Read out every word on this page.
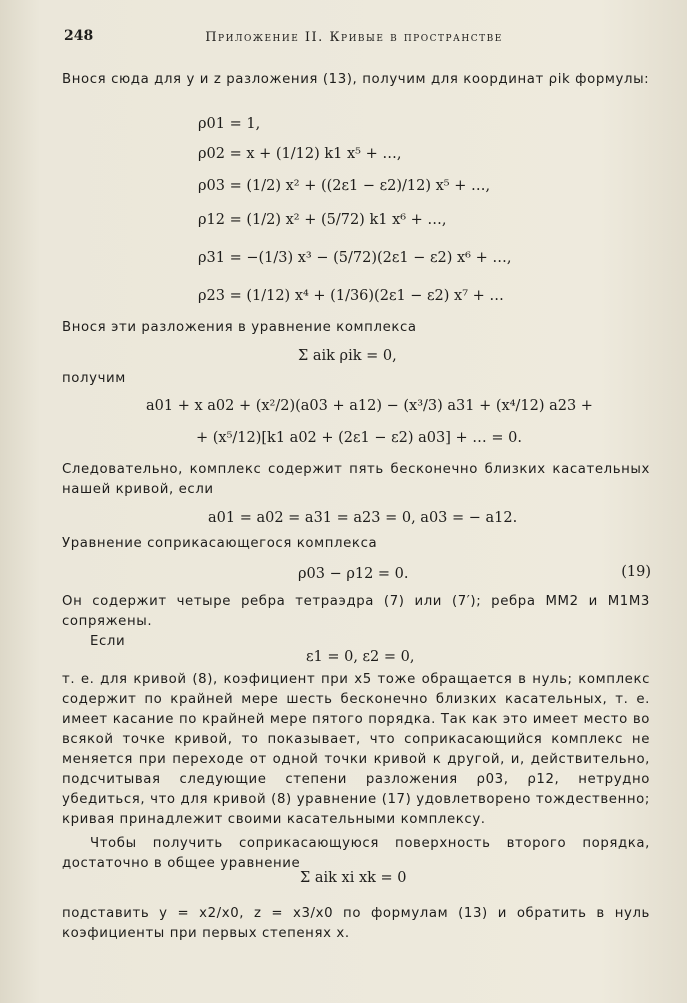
248	Приложение II. Кривые в пространстве
Внося сюда для y и z разложения (13), получим для координат ρik формулы:
ρ01 = 1,
ρ02 = x + (1/12) k1 x⁵ + …,
ρ03 = (1/2) x² + ((2ε1 − ε2)/12) x⁵ + …,
ρ12 = (1/2) x² + (5/72) k1 x⁶ + …,
ρ31 = −(1/3) x³ − (5/72)(2ε1 − ε2) x⁶ + …,
ρ23 = (1/12) x⁴ + (1/36)(2ε1 − ε2) x⁷ + …
Внося эти разложения в уравнение комплекса
Σ aik ρik = 0,
получим
a01 + x a02 + (x²/2)(a03 + a12) − (x³/3) a31 + (x⁴/12) a23 +
+ (x⁵/12)[k1 a02 + (2ε1 − ε2) a03] + … = 0.
Следовательно, комплекс содержит пять бесконечно близких касательных нашей кривой, если
a01 = a02 = a31 = a23 = 0, a03 = − a12.
Уравнение соприкасающегося комплекса
ρ03 − ρ12 = 0.	(19)
Он содержит четыре ребра тетраэдра (7) или (7′); ребра MM2 и M1M3 сопряжены.
Если
ε1 = 0, ε2 = 0,
т. е. для кривой (8), коэфициент при x5 тоже обращается в нуль; комплекс содержит по крайней мере шесть бесконечно близких касательных, т. е. имеет касание по крайней мере пятого порядка. Так как это имеет место во всякой точке кривой, то показывает, что соприкасающийся комплекс не меняется при переходе от одной точки кривой к другой, и, действительно, подсчитывая следующие степени разложения ρ03, ρ12, нетрудно убедиться, что для кривой (8) уравнение (17) удовлетворено тождественно; кривая принадлежит своими касательными комплексу.
Чтобы получить соприкасающуюся поверхность второго порядка, достаточно в общее уравнение
Σ aik xi xk = 0
подставить y = x2/x0, z = x3/x0 по формулам (13) и обратить в нуль коэфициенты при первых степенях x.
